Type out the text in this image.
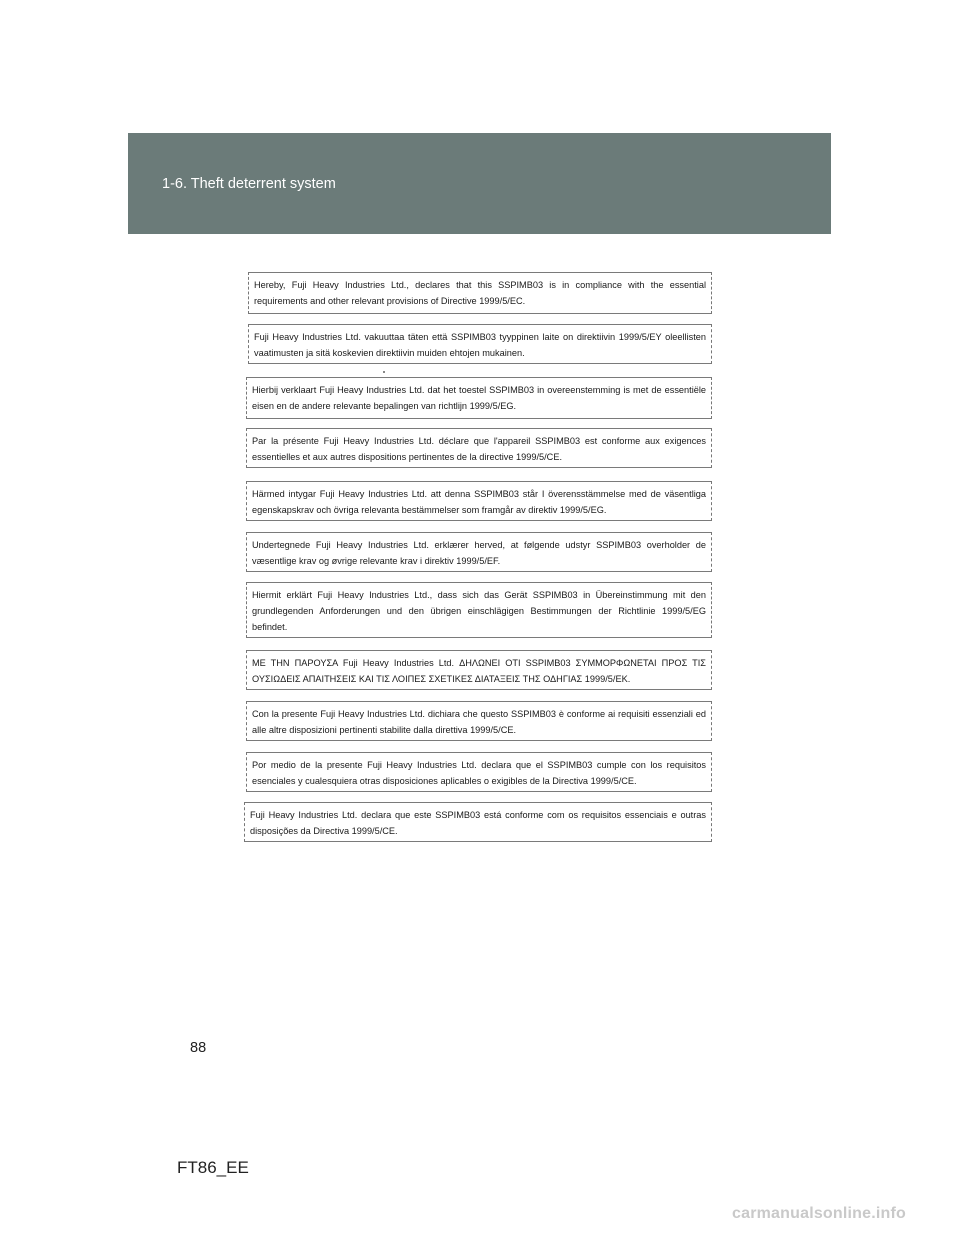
1-6. Theft deterrent system
Hereby, Fuji Heavy Industries Ltd., declares that this SSPIMB03 is in compliance with the essential requirements and other relevant provisions of Directive 1999/5/EC.
Fuji Heavy Industries Ltd. vakuuttaa täten että SSPIMB03 tyyppinen laite on direktiivin 1999/5/EY oleellisten vaatimusten ja sitä koskevien direktiivin muiden ehtojen mukainen.
Hierbij verklaart Fuji Heavy Industries Ltd. dat het toestel SSPIMB03 in overeenstemming is met de essentiële eisen en de andere relevante bepalingen van richtlijn 1999/5/EG.
Par la présente Fuji Heavy Industries Ltd. déclare que l'appareil SSPIMB03 est conforme aux exigences essentielles et aux autres dispositions pertinentes de la directive 1999/5/CE.
Härmed intygar Fuji Heavy Industries Ltd. att denna SSPIMB03 står I överensstämmelse med de väsentliga egenskapskrav och övriga relevanta bestämmelser som framgår av direktiv 1999/5/EG.
Undertegnede Fuji Heavy Industries Ltd. erklærer herved, at følgende udstyr SSPIMB03 overholder de væsentlige krav og øvrige relevante krav i direktiv 1999/5/EF.
Hiermit erklärt Fuji Heavy Industries Ltd., dass sich das Gerät SSPIMB03 in Übereinstimmung mit den grundlegenden Anforderungen und den übrigen einschlägigen Bestimmungen der Richtlinie 1999/5/EG befindet.
ΜΕ ΤΗΝ ΠΑΡΟΥΣΑ Fuji Heavy Industries Ltd. ΔΗΛΩΝΕΙ ΟΤΙ SSPIMB03 ΣΥΜΜΟΡΦΩΝΕΤΑΙ ΠΡΟΣ ΤΙΣ ΟΥΣΙΩΔΕΙΣ ΑΠΑΙΤΗΣΕΙΣ ΚΑΙ ΤΙΣ ΛΟΙΠΕΣ ΣΧΕΤΙΚΕΣ ΔΙΑΤΑΞΕΙΣ ΤΗΣ ΟΔΗΓΙΑΣ 1999/5/ΕΚ.
Con la presente Fuji Heavy Industries Ltd. dichiara che questo SSPIMB03 è conforme ai requisiti essenziali ed alle altre disposizioni pertinenti stabilite dalla direttiva 1999/5/CE.
Por medio de la presente Fuji Heavy Industries Ltd. declara que el SSPIMB03 cumple con los requisitos esenciales y cualesquiera otras disposiciones aplicables o exigibles de la Directiva 1999/5/CE.
Fuji Heavy Industries Ltd. declara que este SSPIMB03 está conforme com os requisitos essenciais e outras disposições da Directiva 1999/5/CE.
88
FT86_EE
carmanualsonline.info
